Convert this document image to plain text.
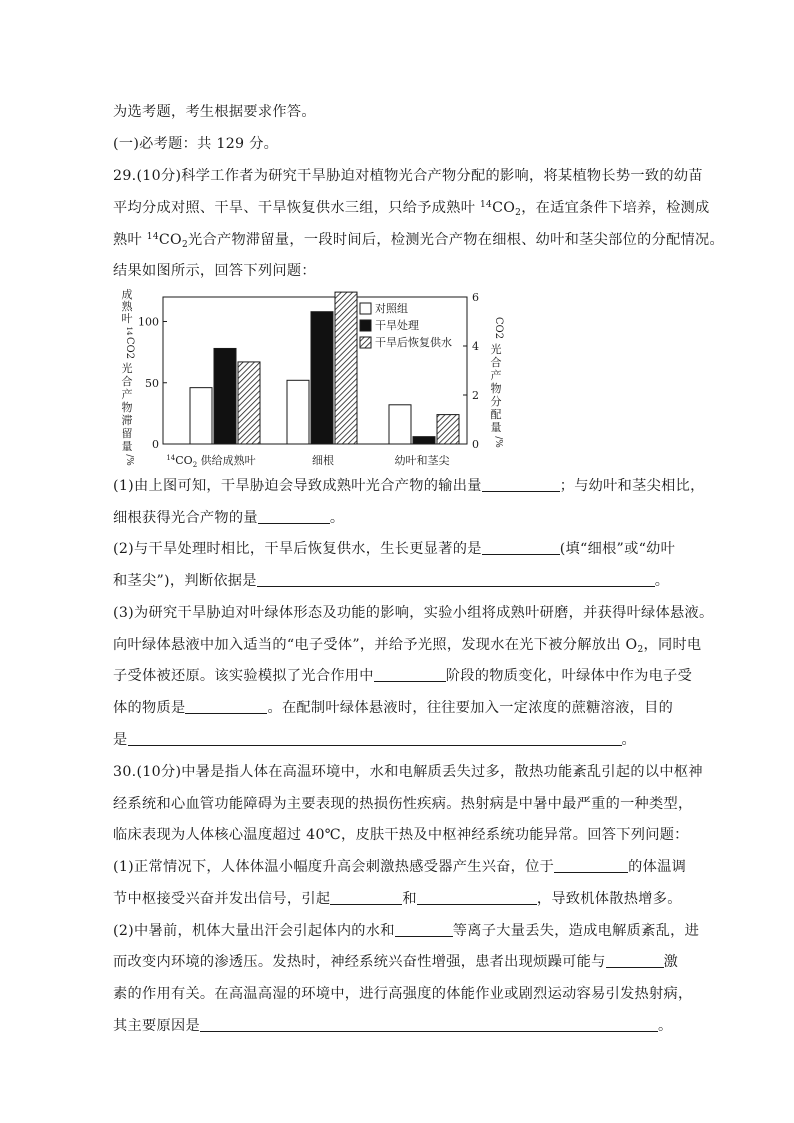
为选考题，考生根据要求作答。
(一)必考题：共 129 分。
29.(10分)科学工作者为研究干旱胁迫对植物光合产物分配的影响，将某植物长势一致的幼苗
平均分成对照、干旱、干旱恢复供水三组，只给予成熟叶 $^{14}CO_2$，在适宜条件下培养，检测成
熟叶 $^{14}CO_2$光合产物滞留量，一段时间后，检测光合产物在细根、幼叶和茎尖部位的分配情况。
结果如图所示，回答下列问题：
成
熟
叶
14
CO2
光
合
产
物
滞
留
量
/%
CO2
光
合
产
物
分
配
量
/%
0
50
100
0
2
4
6
$^{14}CO_2$ 供给成熟叶	细根	幼叶和茎尖
对照组
干旱处理
干旱后恢复供水
(1)由上图可知，干旱胁迫会导致成熟叶光合产物的输出量	；与幼叶和茎尖相比，
细根获得光合产物的量	。
(2)与干旱处理时相比，干旱后恢复供水，生长更显著的是	(填“细根”或“幼叶
和茎尖”)，判断依据是	。
(3)为研究干旱胁迫对叶绿体形态及功能的影响，实验小组将成熟叶研磨，并获得叶绿体悬液。
向叶绿体悬液中加入适当的“电子受体”，并给予光照，发现水在光下被分解放出 $O_2$，同时电
子受体被还原。该实验模拟了光合作用中	阶段的物质变化，叶绿体中作为电子受
体的物质是	。在配制叶绿体悬液时，往往要加入一定浓度的蔗糖溶液，目的
是	。
30.(10分)中暑是指人体在高温环境中，水和电解质丢失过多，散热功能紊乱引起的以中枢神
经系统和心血管功能障碍为主要表现的热损伤性疾病。热射病是中暑中最严重的一种类型，
临床表现为人体核心温度超过 40℃，皮肤干热及中枢神经系统功能异常。回答下列问题：
(1)正常情况下，人体体温小幅度升高会刺激热感受器产生兴奋，位于	的体温调
节中枢接受兴奋并发出信号，引起	和	，导致机体散热增多。
(2)中暑前，机体大量出汗会引起体内的水和	等离子大量丢失，造成电解质紊乱，进
而改变内环境的渗透压。发热时，神经系统兴奋性增强，患者出现烦躁可能与	激
素的作用有关。在高温高湿的环境中，进行高强度的体能作业或剧烈运动容易引发热射病，
其主要原因是	。
